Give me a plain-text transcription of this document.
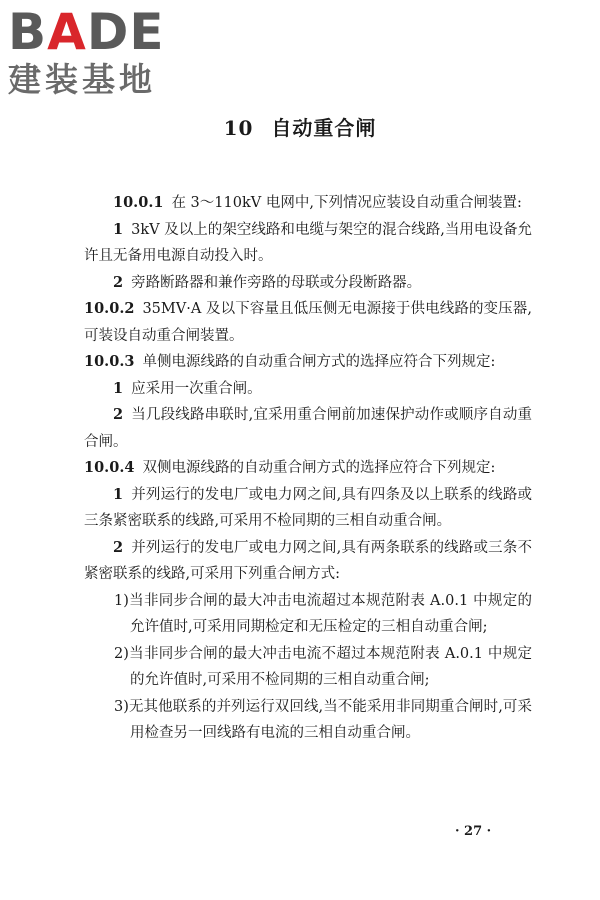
BADE
建装基地
10 自动重合闸

10.0.1 在 3～110kV 电网中,下列情况应装设自动重合闸装置:

1 3kV 及以上的架空线路和电缆与架空的混合线路,当用电设备允许且无备用电源自动投入时。

2 旁路断路器和兼作旁路的母联或分段断路器。

10.0.2 35MV·A 及以下容量且低压侧无电源接于供电线路的变压器,可装设自动重合闸装置。

10.0.3 单侧电源线路的自动重合闸方式的选择应符合下列规定:

1 应采用一次重合闸。

2 当几段线路串联时,宜采用重合闸前加速保护动作或顺序自动重合闸。

10.0.4 双侧电源线路的自动重合闸方式的选择应符合下列规定:

1 并列运行的发电厂或电力网之间,具有四条及以上联系的线路或三条紧密联系的线路,可采用不检同期的三相自动重合闸。

2 并列运行的发电厂或电力网之间,具有两条联系的线路或三条不紧密联系的线路,可采用下列重合闸方式:

1)当非同步合闸的最大冲击电流超过本规范附表 A.0.1 中规定的允许值时,可采用同期检定和无压检定的三相自动重合闸;

2)当非同步合闸的最大冲击电流不超过本规范附表 A.0.1 中规定的允许值时,可采用不检同期的三相自动重合闸;

3)无其他联系的并列运行双回线,当不能采用非同期重合闸时,可采用检查另一回线路有电流的三相自动重合闸。

· 27 ·
